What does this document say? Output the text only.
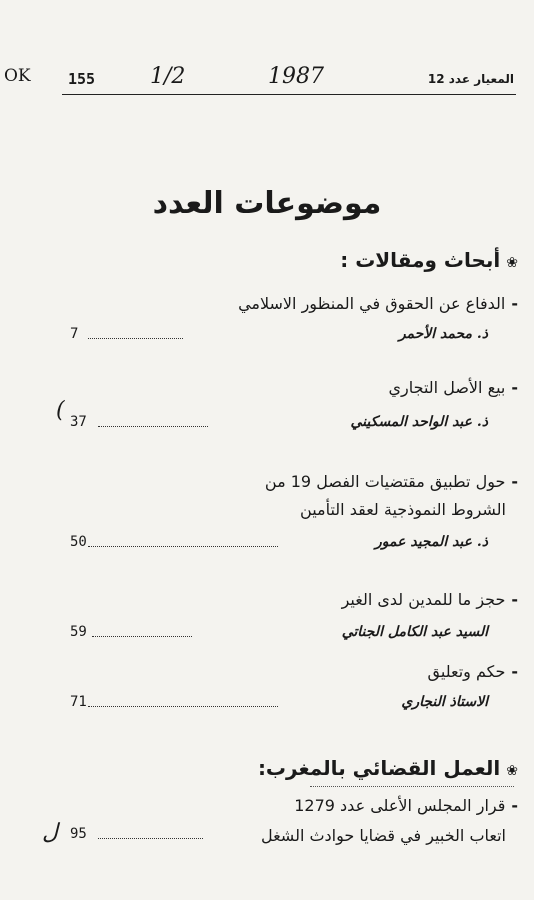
OK 155 1/2	1987	المعيار عدد 12
موضوعات العدد
❀أبحاث ومقالات :
-الدفاع عن الحقوق في المنظور الاسلامي
ذ. محمد الأحمر
7
-بيع الأصل التجاري
ذ. عبد الواحد المسكيني
37
(
-حول تطبيق مقتضيات الفصل 19 من
الشروط النموذجية لعقد التأمين
ذ. عبد المجيد عمور
50
-حجز ما للمدين لدى الغير
السيد عبد الكامل الجناتي
59
-حكم وتعليق
الاستاذ النجاري
71
❀العمل القضائي بالمغرب:
-قرار المجلس الأعلى عدد 1279
اتعاب الخبير في قضايا حوادث الشغل
95
ل
